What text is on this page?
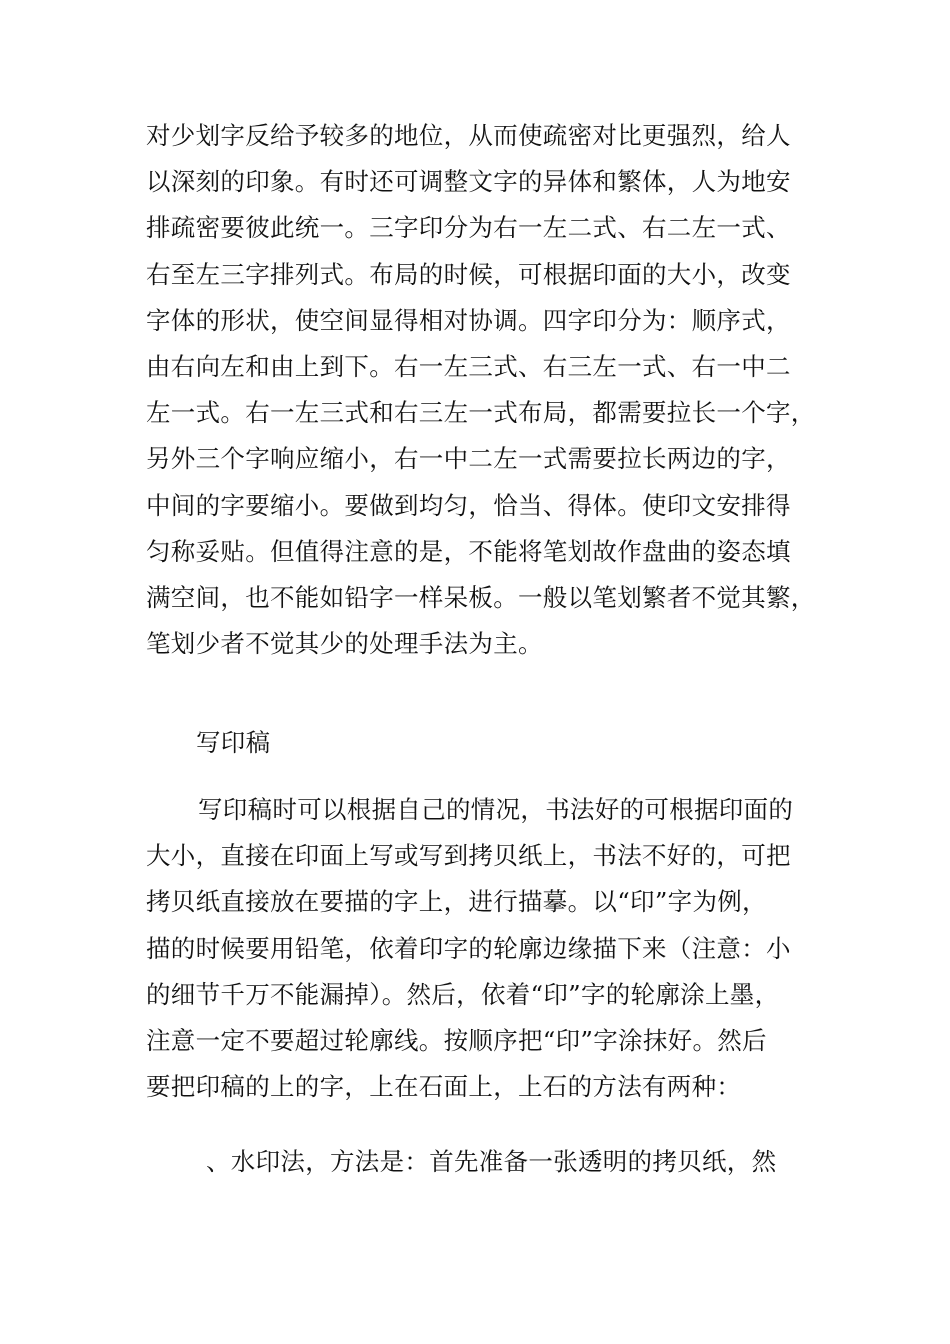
对少划字反给予较多的地位，从而使疏密对比更强烈，给人
以深刻的印象。有时还可调整文字的异体和繁体，人为地安
排疏密要彼此统一。三字印分为右一左二式、右二左一式、
右至左三字排列式。布局的时候，可根据印面的大小，改变
字体的形状，使空间显得相对协调。四字印分为：顺序式，
由右向左和由上到下。右一左三式、右三左一式、右一中二
左一式。右一左三式和右三左一式布局，都需要拉长一个字，
另外三个字响应缩小，右一中二左一式需要拉长两边的字，
中间的字要缩小。要做到均匀，恰当、得体。使印文安排得
匀称妥贴。但值得注意的是，不能将笔划故作盘曲的姿态填
满空间，也不能如铅字一样呆板。一般以笔划繁者不觉其繁，
笔划少者不觉其少的处理手法为主。
写印稿
写印稿时可以根据自己的情况，书法好的可根据印面的
大小，直接在印面上写或写到拷贝纸上，书法不好的，可把
拷贝纸直接放在要描的字上，进行描摹。以“印”字为例，
描的时候要用铅笔，依着印字的轮廓边缘描下来（注意：小
的细节千万不能漏掉）。然后，依着“印”字的轮廓涂上墨，
注意一定不要超过轮廓线。按顺序把“印”字涂抹好。然后
要把印稿的上的字，上在石面上，上石的方法有两种：
、水印法，方法是：首先准备一张透明的拷贝纸，然
